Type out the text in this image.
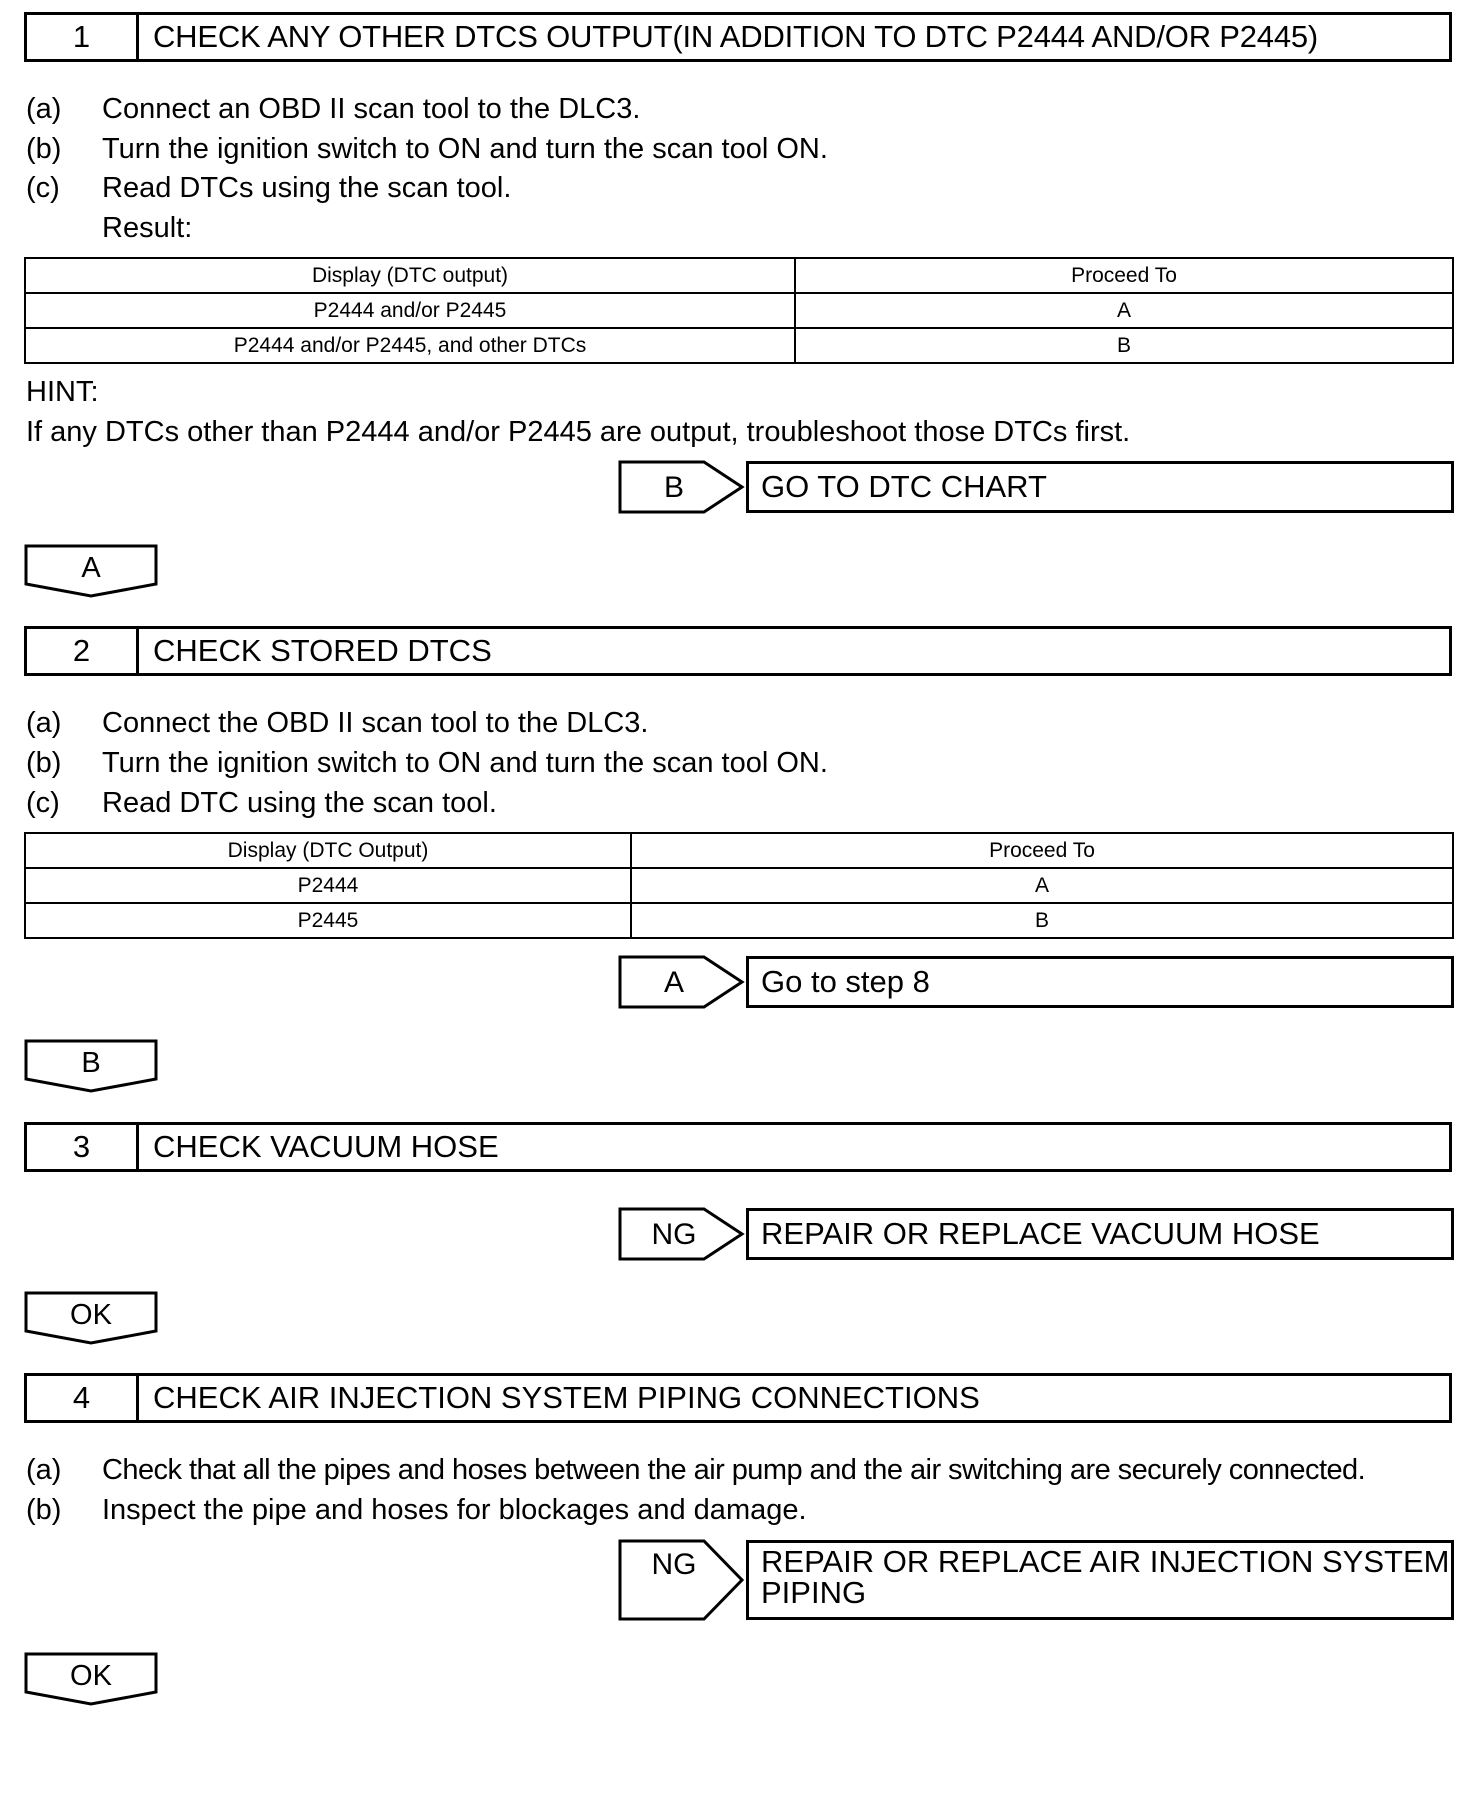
1	CHECK ANY OTHER DTCS OUTPUT(IN ADDITION TO DTC P2444 AND/OR P2445)
(a) Connect an OBD II scan tool to the DLC3.
(b) Turn the ignition switch to ON and turn the scan tool ON.
(c) Read DTCs using the scan tool.
Result:
Display (DTC output)	Proceed To
P2444 and/or P2445	A
P2444 and/or P2445, and other DTCs	B
HINT:
If any DTCs other than P2444 and/or P2445 are output, troubleshoot those DTCs first.
B	GO TO DTC CHART
A
2	CHECK STORED DTCS
(a) Connect the OBD II scan tool to the DLC3.
(b) Turn the ignition switch to ON and turn the scan tool ON.
(c) Read DTC using the scan tool.
Display (DTC Output)	Proceed To
P2444	A
P2445	B
A	Go to step 8
B
3	CHECK VACUUM HOSE
NG	REPAIR OR REPLACE VACUUM HOSE
OK
4	CHECK AIR INJECTION SYSTEM PIPING CONNECTIONS
(a) Check that all the pipes and hoses between the air pump and the air switching are securely connected.
(b) Inspect the pipe and hoses for blockages and damage.
NG REPAIR OR REPLACE AIR INJECTION SYSTEM
PIPING
OK
